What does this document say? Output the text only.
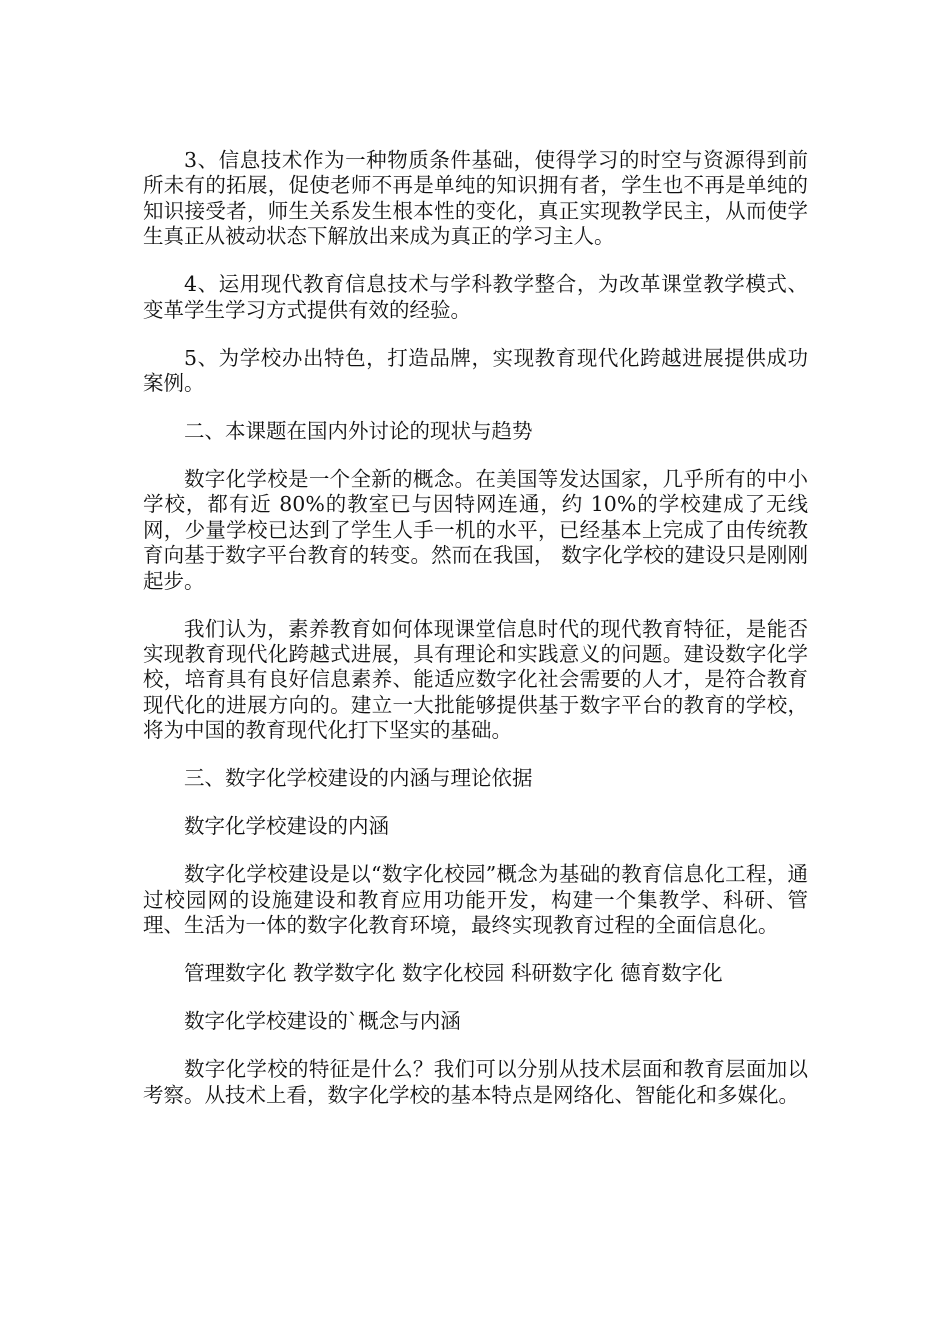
3、信息技术作为一种物质条件基础，使得学习的时空与资源得到前所未有的拓展，促使老师不再是单纯的知识拥有者，学生也不再是单纯的知识接受者，师生关系发生根本性的变化，真正实现教学民主，从而使学生真正从被动状态下解放出来成为真正的学习主人。

4、运用现代教育信息技术与学科教学整合，为改革课堂教学模式、变革学生学习方式提供有效的经验。

5、为学校办出特色，打造品牌，实现教育现代化跨越进展提供成功案例。

二、本课题在国内外讨论的现状与趋势

数字化学校是一个全新的概念。在美国等发达国家，几乎所有的中小学校，都有近 80%的教室已与因特网连通，约 10%的学校建成了无线网，少量学校已达到了学生人手一机的水平，已经基本上完成了由传统教育向基于数字平台教育的转变。然而在我国， 数字化学校的建设只是刚刚起步。

我们认为，素养教育如何体现课堂信息时代的现代教育特征，是能否实现教育现代化跨越式进展，具有理论和实践意义的问题。建设数字化学校，培育具有良好信息素养、能适应数字化社会需要的人才，是符合教育现代化的进展方向的。建立一大批能够提供基于数字平台的教育的学校，将为中国的教育现代化打下坚实的基础。

三、数字化学校建设的内涵与理论依据

数字化学校建设的内涵

数字化学校建设是以“数字化校园”概念为基础的教育信息化工程，通过校园网的设施建设和教育应用功能开发，构建一个集教学、科研、管理、生活为一体的数字化教育环境，最终实现教育过程的全面信息化。

管理数字化 教学数字化 数字化校园 科研数字化 德育数字化

数字化学校建设的`概念与内涵

数字化学校的特征是什么？我们可以分别从技术层面和教育层面加以考察。从技术上看，数字化学校的基本特点是网络化、智能化和多媒化。
